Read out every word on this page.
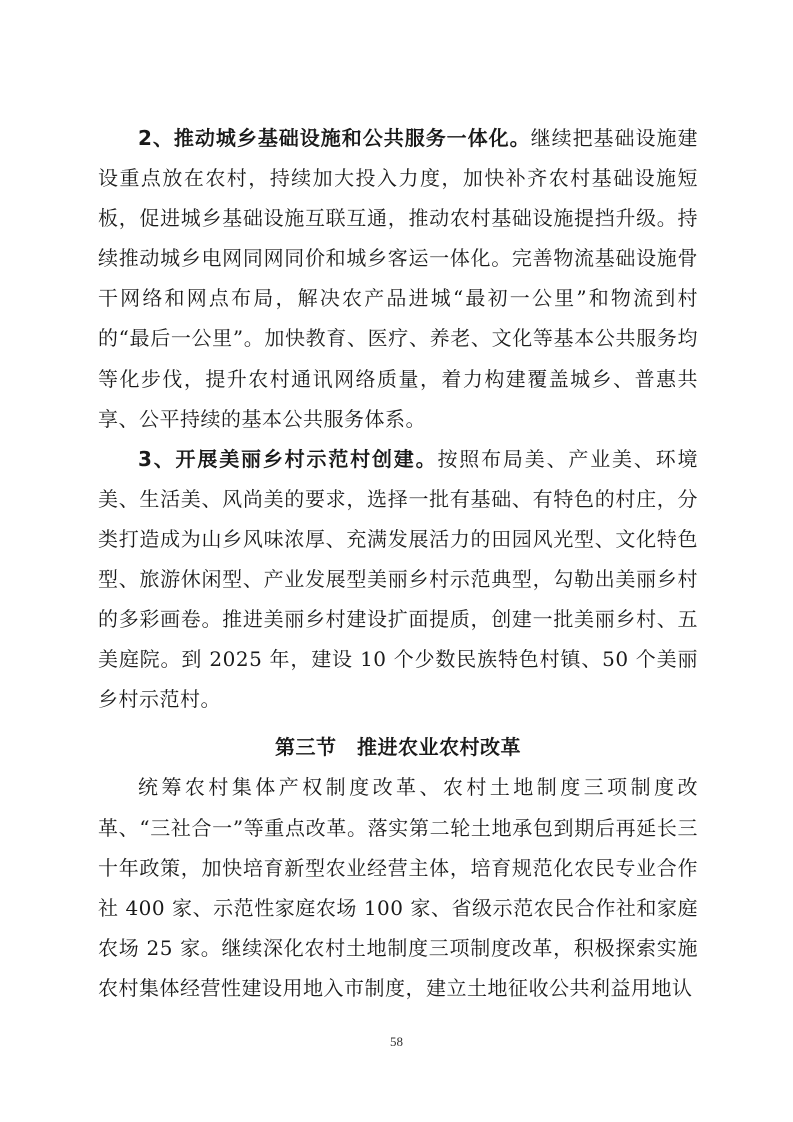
2、推动城乡基础设施和公共服务一体化。继续把基础设施建设重点放在农村，持续加大投入力度，加快补齐农村基础设施短板，促进城乡基础设施互联互通，推动农村基础设施提挡升级。持续推动城乡电网同网同价和城乡客运一体化。完善物流基础设施骨干网络和网点布局，解决农产品进城“最初一公里”和物流到村的“最后一公里”。加快教育、医疗、养老、文化等基本公共服务均等化步伐，提升农村通讯网络质量，着力构建覆盖城乡、普惠共享、公平持续的基本公共服务体系。

3、开展美丽乡村示范村创建。按照布局美、产业美、环境美、生活美、风尚美的要求，选择一批有基础、有特色的村庄，分类打造成为山乡风味浓厚、充满发展活力的田园风光型、文化特色型、旅游休闲型、产业发展型美丽乡村示范典型，勾勒出美丽乡村的多彩画卷。推进美丽乡村建设扩面提质，创建一批美丽乡村、五美庭院。到 2025 年，建设 10 个少数民族特色村镇、50 个美丽乡村示范村。

第三节　推进农业农村改革

统筹农村集体产权制度改革、农村土地制度三项制度改革、“三社合一”等重点改革。落实第二轮土地承包到期后再延长三十年政策，加快培育新型农业经营主体，培育规范化农民专业合作社 400 家、示范性家庭农场 100 家、省级示范农民合作社和家庭农场 25 家。继续深化农村土地制度三项制度改革，积极探索实施农村集体经营性建设用地入市制度，建立土地征收公共利益用地认

58
